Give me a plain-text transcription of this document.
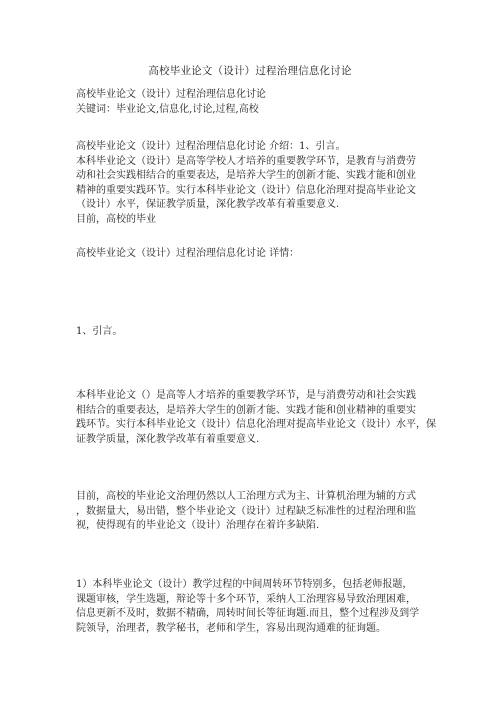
高校毕业论文（设计）过程治理信息化讨论
高校毕业论文（设计）过程治理信息化讨论
关键词：毕业论文,信息化,讨论,过程,高校
高校毕业论文（设计）过程治理信息化讨论 介绍：1、引言。
本科毕业论文（设计）是高等学校人才培养的重要教学环节，是教育与消费劳
动和社会实践相结合的重要表达，是培养大学生的创新才能、实践才能和创业
精神的重要实践环节。实行本科毕业论文（设计）信息化治理对提高毕业论文
（设计）水平，保证教学质量，深化教学改革有着重要意义.
目前，高校的毕业
高校毕业论文（设计）过程治理信息化讨论 详情：
1、引言。
本科毕业论文（）是高等人才培养的重要教学环节，是与消费劳动和社会实践
相结合的重要表达，是培养大学生的创新才能、实践才能和创业精神的重要实
践环节。实行本科毕业论文（设计）信息化治理对提高毕业论文（设计）水平，保
证教学质量，深化教学改革有着重要意义.
目前，高校的毕业论文治理仍然以人工治理方式为主、计算机治理为辅的方式
，数据量大，易出错，整个毕业论文（设计）过程缺乏标准性的过程治理和监
视，使得现有的毕业论文（设计）治理存在着许多缺陷.
1）本科毕业论文（设计）教学过程的中间周转环节特别多，包括老师报题，
课题审核，学生选题，辩论等十多个环节，采纳人工治理容易导致治理困难，
信息更新不及时，数据不精确，周转时间长等征询题.而且，整个过程涉及到学
院领导，治理者，教学秘书，老师和学生，容易出现沟通难的征询题。
